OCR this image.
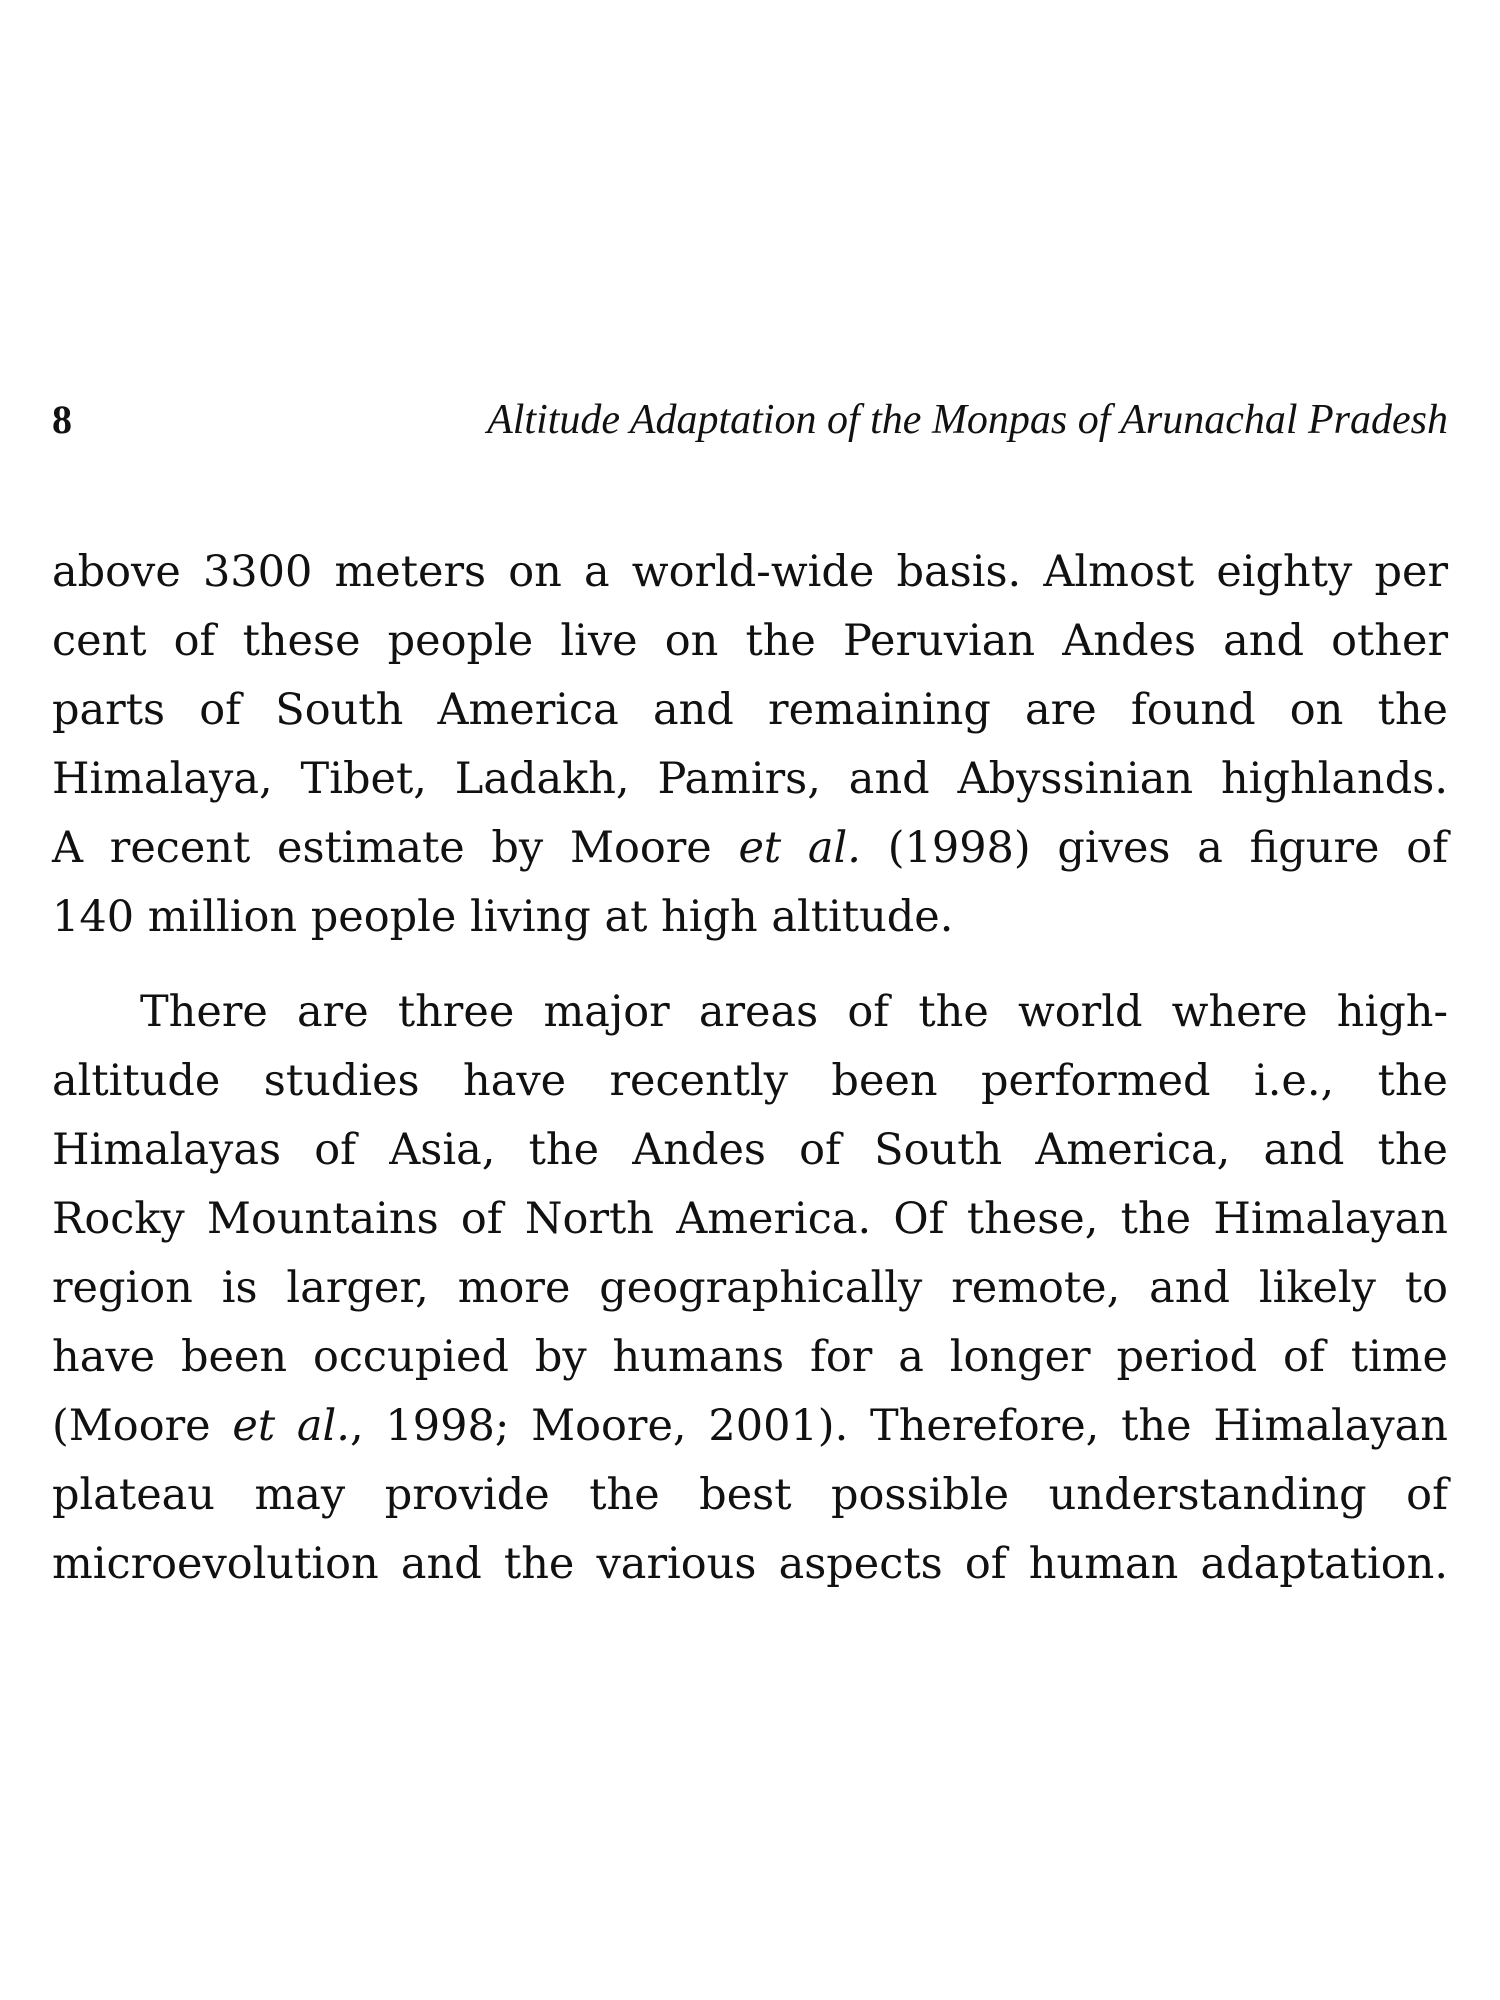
8	Altitude Adaptation of the Monpas of Arunachal Pradesh
above 3300 meters on a world-wide basis. Almost eighty per
cent of these people live on the Peruvian Andes and other
parts of South America and remaining are found on the
Himalaya, Tibet, Ladakh, Pamirs, and Abyssinian highlands.
A recent estimate by Moore et al. (1998) gives a figure of
140 million people living at high altitude.
There are three major areas of the world where high-
altitude studies have recently been performed i.e., the
Himalayas of Asia, the Andes of South America, and the
Rocky Mountains of North America. Of these, the Himalayan
region is larger, more geographically remote, and likely to
have been occupied by humans for a longer period of time
(Moore et al., 1998; Moore, 2001). Therefore, the Himalayan
plateau may provide the best possible understanding of
microevolution and the various aspects of human adaptation.
